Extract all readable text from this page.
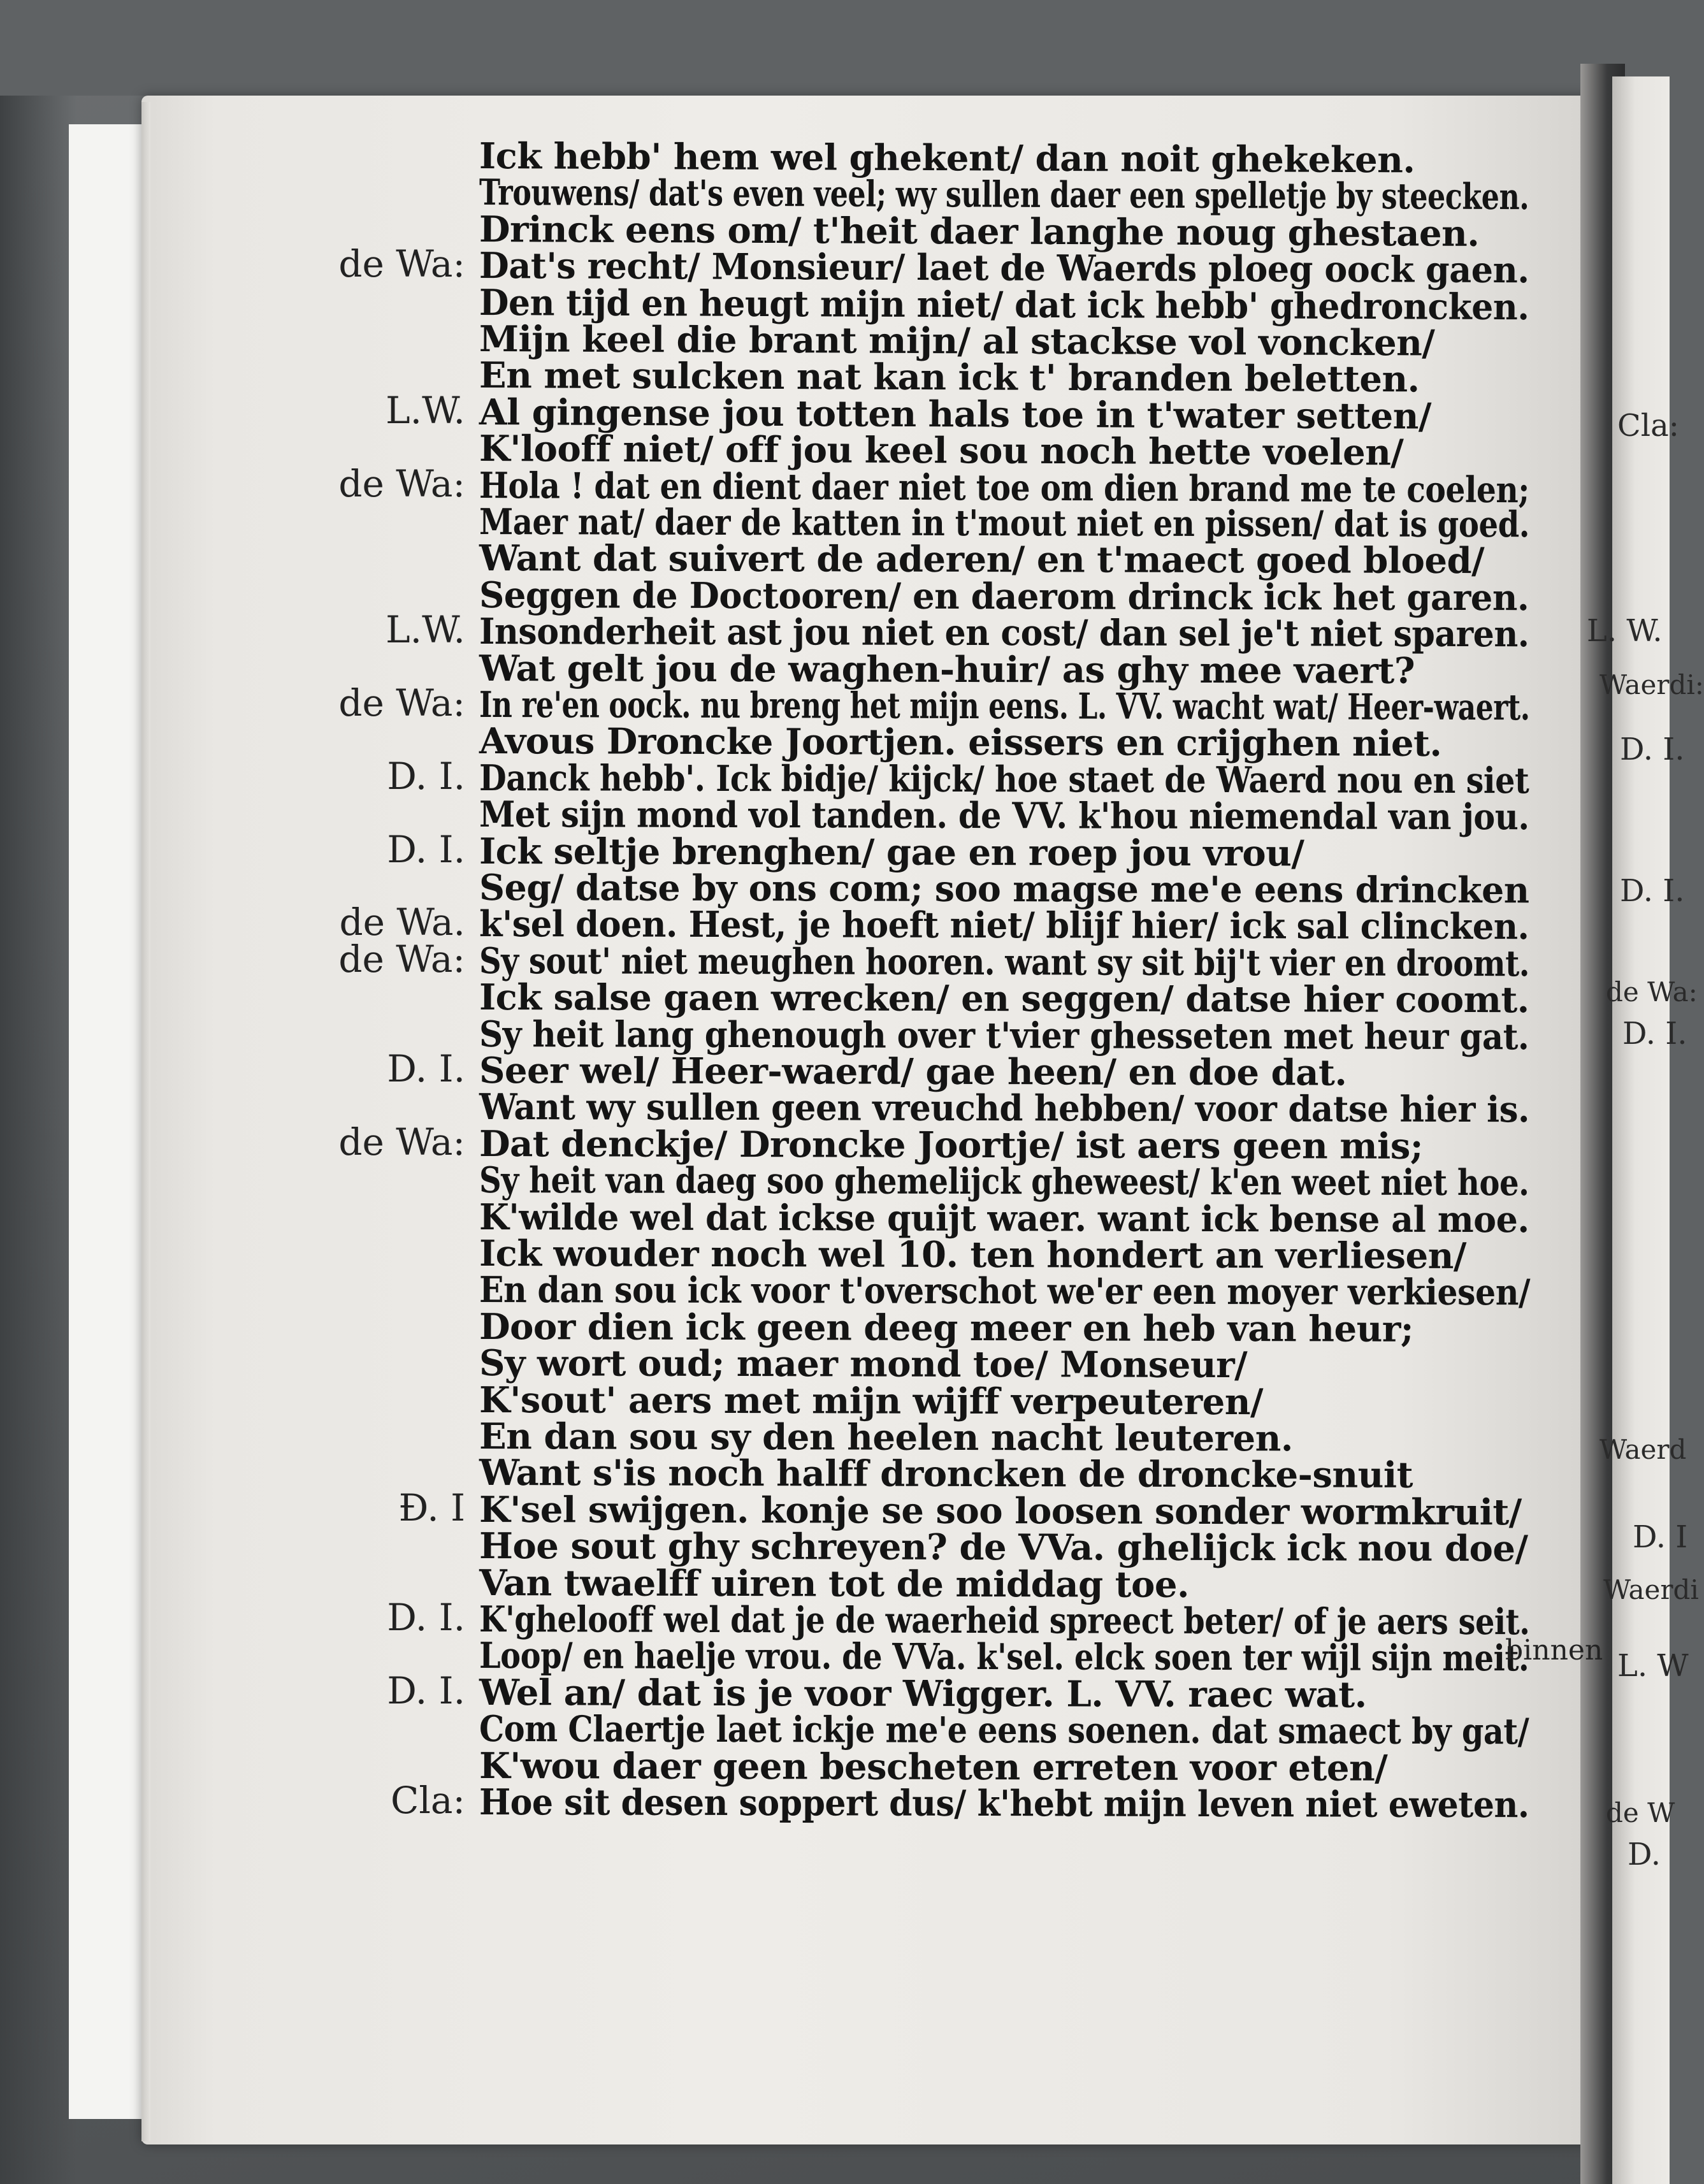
Cla:
L. W.
Waerdi:
D. I.
D. I.
de Wa:
D. I.
Waerd
D. I
Waerdi
L. W
de W
D.
Ick hebb' hem wel ghekent/ dan noit ghekeken.
Trouwens/ dat's even veel; wy sullen daer een spelletje by steecken.
Drinck eens om/ t'heit daer langhe noug ghestaen.
Dat's recht/ Monsieur/ laet de Waerds ploeg oock gaen.
Den tijd en heugt mijn niet/ dat ick hebb' ghedroncken.
Mijn keel die brant mijn/ al stackse vol voncken/
En met sulcken nat kan ick t' branden beletten.
Al gingense jou totten hals toe in t'water setten/
K'looff niet/ off jou keel sou noch hette voelen/
Hola ! dat en dient daer niet toe om dien brand me te coelen;
Maer nat/ daer de katten in t'mout niet en pissen/ dat is goed.
Want dat suivert de aderen/ en t'maect goed bloed/
Seggen de Doctooren/ en daerom drinck ick het garen.
Insonderheit ast jou niet en cost/ dan sel je't niet sparen.
Wat gelt jou de waghen-huir/ as ghy mee vaert?
In re'en oock. nu breng het mijn eens. L. VV. wacht wat/ Heer-waert.
Avous Droncke Joortjen. eissers en crijghen niet.
Danck hebb'. Ick bidje/ kijck/ hoe staet de Waerd nou en siet
Met sijn mond vol tanden. de VV. k'hou niemendal van jou.
Ick seltje brenghen/ gae en roep jou vrou/
Seg/ datse by ons com; soo magse me'e eens drincken
k'sel doen. Hest, je hoeft niet/ blijf hier/ ick sal clincken.
Sy sout' niet meughen hooren. want sy sit bij't vier en droomt.
Ick salse gaen wrecken/ en seggen/ datse hier coomt.
Sy heit lang ghenough over t'vier ghesseten met heur gat.
Seer wel/ Heer-waerd/ gae heen/ en doe dat.
Want wy sullen geen vreuchd hebben/ voor datse hier is.
Dat denckje/ Droncke Joortje/ ist aers geen mis;
Sy heit van daeg soo ghemelijck gheweest/ k'en weet niet hoe.
K'wilde wel dat ickse quijt waer. want ick bense al moe.
Ick wouder noch wel 10. ten hondert an verliesen/
En dan sou ick voor t'overschot we'er een moyer verkiesen/
Door dien ick geen deeg meer en heb van heur;
Sy wort oud; maer mond toe/ Monseur/
K'sout' aers met mijn wijff verpeuteren/
En dan sou sy den heelen nacht leuteren.
Want s'is noch halff droncken de droncke-snuit
K'sel swijgen. konje se soo loosen sonder wormkruit/
Hoe sout ghy schreyen? de VVa. ghelijck ick nou doe/
Van twaelff uiren tot de middag toe.
K'ghelooff wel dat je de waerheid spreect beter/ of je aers seit.
Loop/ en haelje vrou. de VVa. k'sel. elck soen ter wijl sijn meit.
Wel an/ dat is je voor Wigger. L. VV. raec wat.
Com Claertje laet ickje me'e eens soenen. dat smaect by gat/
K'wou daer geen bescheten erreten voor eten/
Hoe sit desen soppert dus/ k'hebt mijn leven niet eweten.
de Wa:
L.W.
de Wa:
L.W.
de Wa:
D. I.
D. I.
de Wa.
de Wa:
D. I.
de Wa:
Ð. I
D. I.
D. I.
Cla:
binnen
